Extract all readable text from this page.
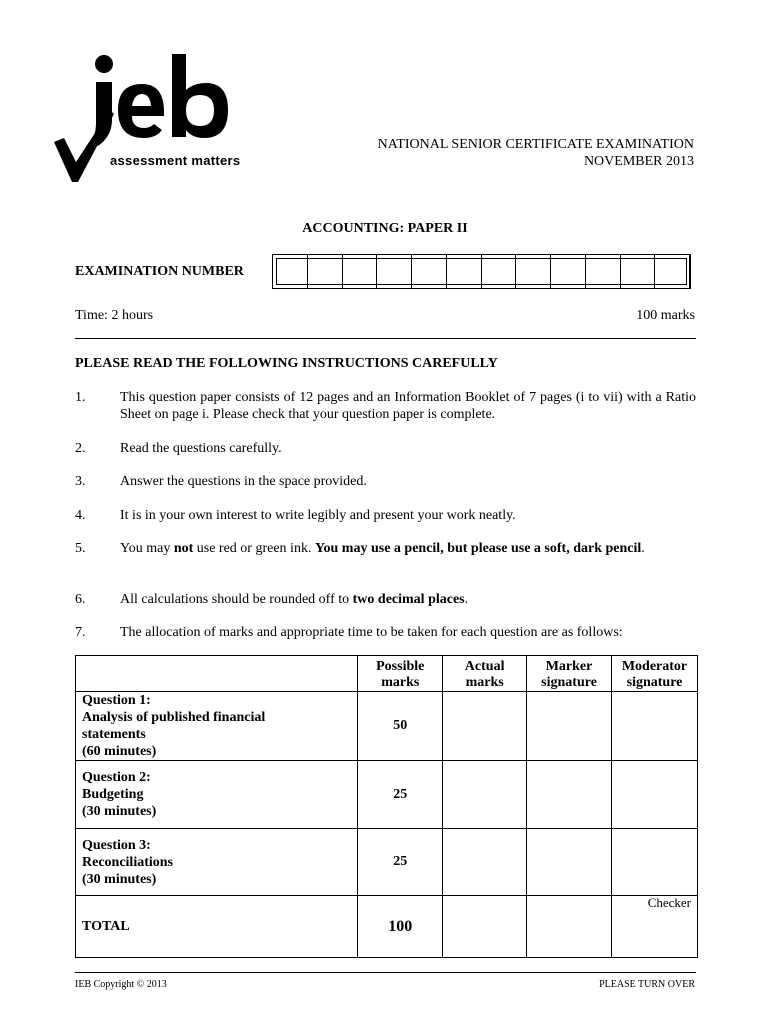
assessment matters
NATIONAL SENIOR CERTIFICATE EXAMINATION
NOVEMBER 2013
ACCOUNTING: PAPER II
EXAMINATION NUMBER
Time: 2 hours	100 marks
PLEASE READ THE FOLLOWING INSTRUCTIONS CAREFULLY
1. This question paper consists of 12 pages and an Information Booklet of 7 pages (i to vii) with a Ratio Sheet on page i. Please check that your question paper is complete.
2. Read the questions carefully.
3. Answer the questions in the space provided.
4. It is in your own interest to write legibly and present your work neatly.
5. You may not use red or green ink. You may use a pencil, but please use a soft, dark pencil.
6. All calculations should be rounded off to two decimal places.
7. The allocation of marks and appropriate time to be taken for each question are as follows:
	Possible marks	Actual marks	Marker signature	Moderator signature

Question 1:
Analysis of published financial
statements
(60 minutes)	50			

Question 2:
Budgeting
(30 minutes)	25			

Question 3:
Reconciliations
(30 minutes)	25			
TOTAL	100			Checker
IEB Copyright © 2013	PLEASE TURN OVER
